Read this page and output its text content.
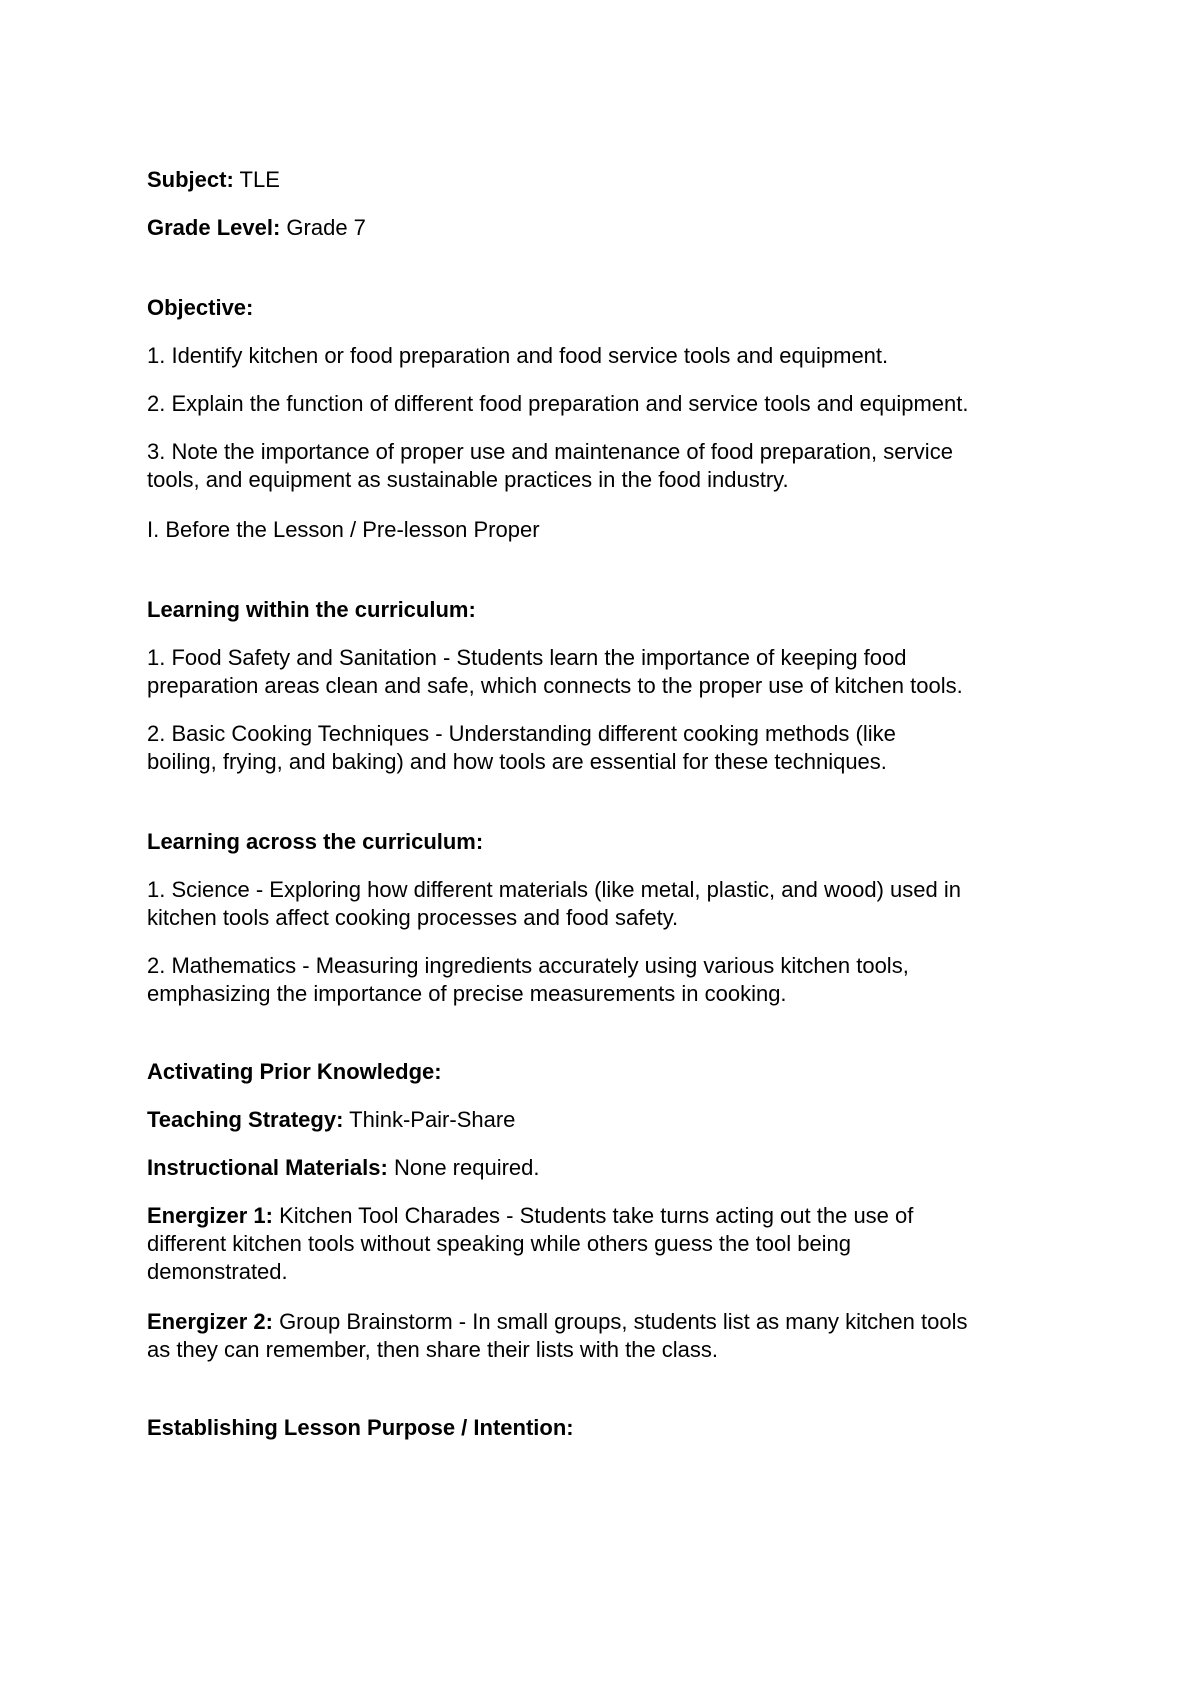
Subject: TLE
Grade Level: Grade 7
Objective:
1. Identify kitchen or food preparation and food service tools and equipment.
2. Explain the function of different food preparation and service tools and equipment.
3. Note the importance of proper use and maintenance of food preparation, service
tools, and equipment as sustainable practices in the food industry.
I. Before the Lesson / Pre-lesson Proper
Learning within the curriculum:
1. Food Safety and Sanitation - Students learn the importance of keeping food
preparation areas clean and safe, which connects to the proper use of kitchen tools.
2. Basic Cooking Techniques - Understanding different cooking methods (like
boiling, frying, and baking) and how tools are essential for these techniques.
Learning across the curriculum:
1. Science - Exploring how different materials (like metal, plastic, and wood) used in
kitchen tools affect cooking processes and food safety.
2. Mathematics - Measuring ingredients accurately using various kitchen tools,
emphasizing the importance of precise measurements in cooking.
Activating Prior Knowledge:
Teaching Strategy: Think-Pair-Share
Instructional Materials: None required.
Energizer 1: Kitchen Tool Charades - Students take turns acting out the use of
different kitchen tools without speaking while others guess the tool being
demonstrated.
Energizer 2: Group Brainstorm - In small groups, students list as many kitchen tools
as they can remember, then share their lists with the class.
Establishing Lesson Purpose / Intention:
